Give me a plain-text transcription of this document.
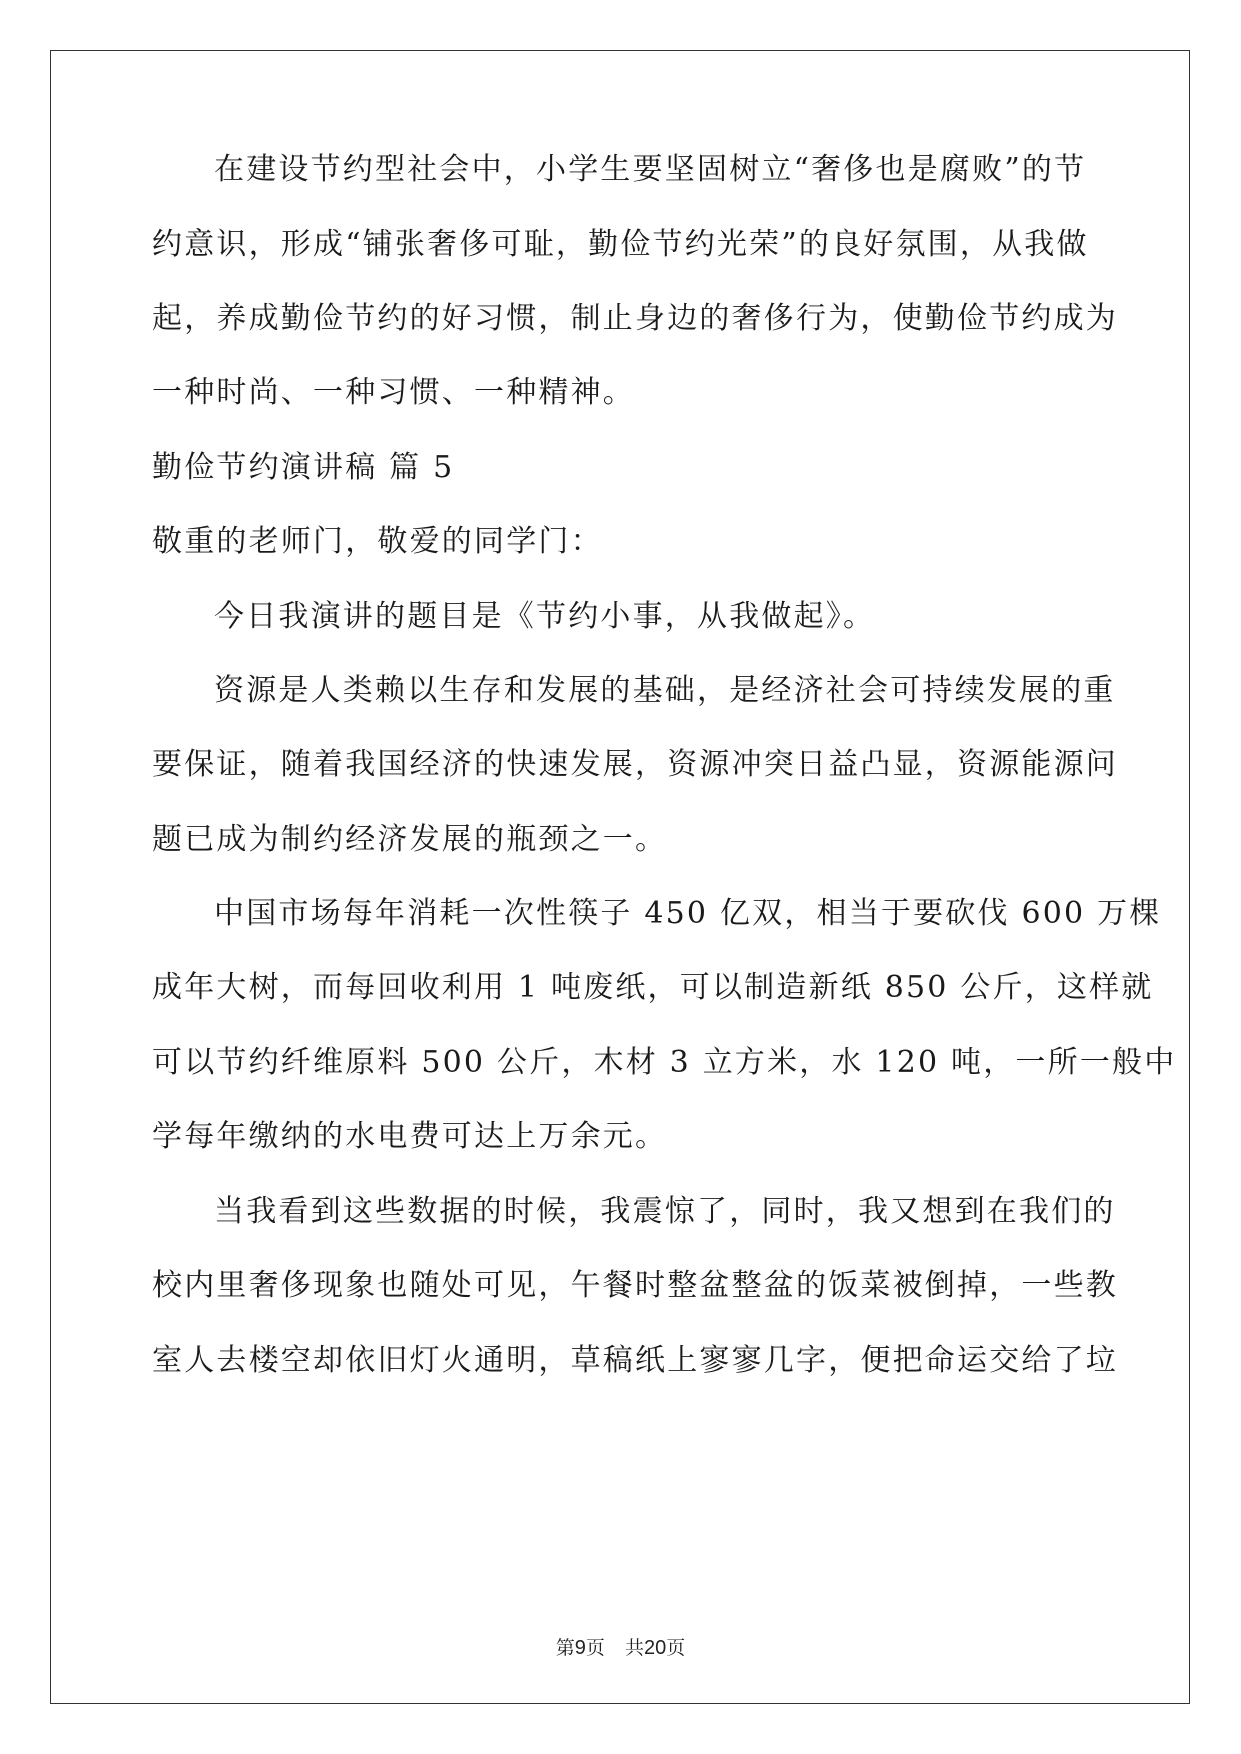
在建设节约型社会中，小学生要坚固树立“奢侈也是腐败”的节
约意识，形成“铺张奢侈可耻，勤俭节约光荣”的良好氛围，从我做
起，养成勤俭节约的好习惯，制止身边的奢侈行为，使勤俭节约成为
一种时尚、一种习惯、一种精神。
勤俭节约演讲稿 篇 5
敬重的老师门，敬爱的同学门：
今日我演讲的题目是《节约小事，从我做起》。
资源是人类赖以生存和发展的基础，是经济社会可持续发展的重
要保证，随着我国经济的快速发展，资源冲突日益凸显，资源能源问
题已成为制约经济发展的瓶颈之一。
中国市场每年消耗一次性筷子 450 亿双，相当于要砍伐 600 万棵
成年大树，而每回收利用 1 吨废纸，可以制造新纸 850 公斤，这样就
可以节约纤维原料 500 公斤，木材 3 立方米，水 120 吨，一所一般中
学每年缴纳的水电费可达上万余元。
当我看到这些数据的时候，我震惊了，同时，我又想到在我们的
校内里奢侈现象也随处可见，午餐时整盆整盆的饭菜被倒掉，一些教
室人去楼空却依旧灯火通明，草稿纸上寥寥几字，便把命运交给了垃
第9页 共20页
